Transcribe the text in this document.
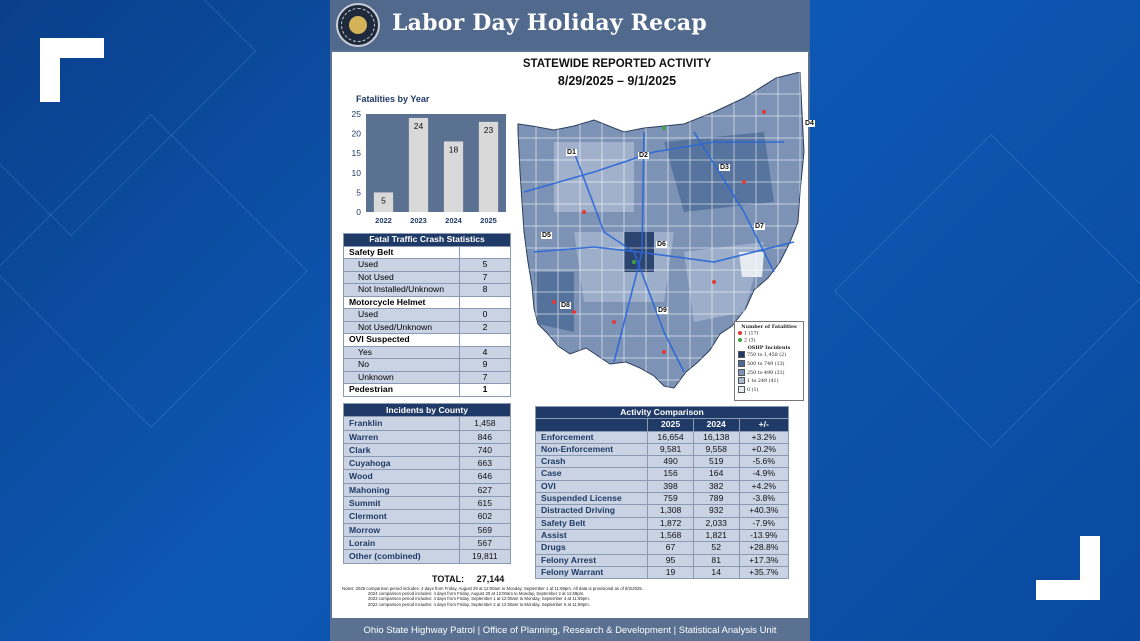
Labor Day Holiday Recap
STATEWIDE REPORTED ACTIVITY
8/29/2025 – 9/1/2025
Fatalities by Year
0
5
10
15
20
25
5
2022
24
2023
18
2024
23
2025
Fatal Traffic Crash Statistics	
Safety Belt	
Used	5
Not Used	7
Not Installed/Unknown	8
Motorcycle Helmet	
Used	0
Not Used/Unknown	2
OVI Suspected	
Yes	4
No	9
Unknown	7
Pedestrian	1
Incidents by County	
Franklin	1,458
Warren	846
Clark	740
Cuyahoga	663
Wood	646
Mahoning	627
Summit	615
Clermont	602
Morrow	569
Lorain	567
Other (combined)	19,811
TOTAL: 27,144
Activity Comparison			
	2025	2024	+/-
Enforcement	16,654	16,138	+3.2%
Non-Enforcement	9,581	9,558	+0.2%
Crash	490	519	-5.6%
Case	156	164	-4.9%
OVI	398	382	+4.2%
Suspended License	759	789	-3.8%
Distracted Driving	1,308	932	+40.3%
Safety Belt	1,872	2,033	-7.9%
Assist	1,568	1,821	-13.9%
Drugs	67	52	+28.8%
Felony Arrest	95	81	+17.3%
Felony Warrant	19	14	+35.7%
D1	D2
D3
D4
D5
D6
D7
D8
D9
Number of Fatalities
1 (17)
2 (3)
OSHP Incidents
750 to 1,458 (2)
500 to 749 (13)
250 to 499 (31)
1 to 249 (41)
0 (1)
Notes: 2025 comparison period includes: 4 days from Friday, August 29 at 12:00am to Monday, September 1 at 11:59pm. All data is provisional as of 9/2/2025.
2024 comparison period includes: 4 days from Friday, August 30 at 12:00am to Monday, September 2 at 11:59pm.
2023 comparison period includes: 4 days from Friday, September 1 at 12:00am to Monday, September 4 at 11:59pm.
2022 comparison period includes: 4 days from Friday, September 2 at 12:00am to Monday, September 5 at 11:59pm.
Ohio State Highway Patrol | Office of Planning, Research & Development | Statistical Analysis Unit
